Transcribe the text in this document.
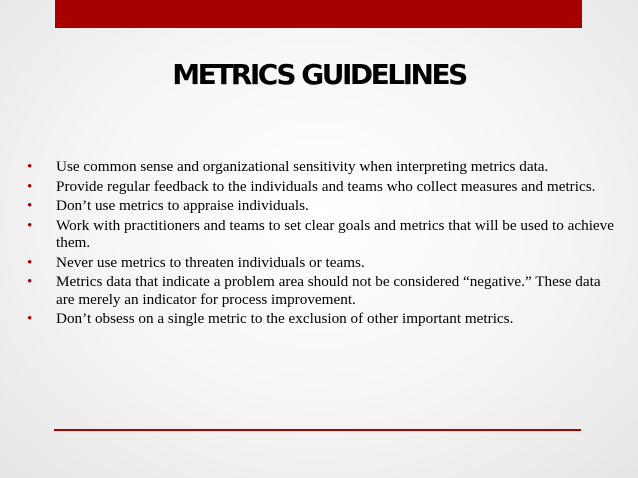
METRICS GUIDELINES
• Use common sense and organizational sensitivity when interpreting metrics data.
• Provide regular feedback to the individuals and teams who collect measures and metrics.
• Don’t use metrics to appraise individuals.
• Work with practitioners and teams to set clear goals and metrics that will be used to achieve them.
• Never use metrics to threaten individuals or teams.
• Metrics data that indicate a problem area should not be considered “negative.” These data are merely an indicator for process improvement.
• Don’t obsess on a single metric to the exclusion of other important metrics.
